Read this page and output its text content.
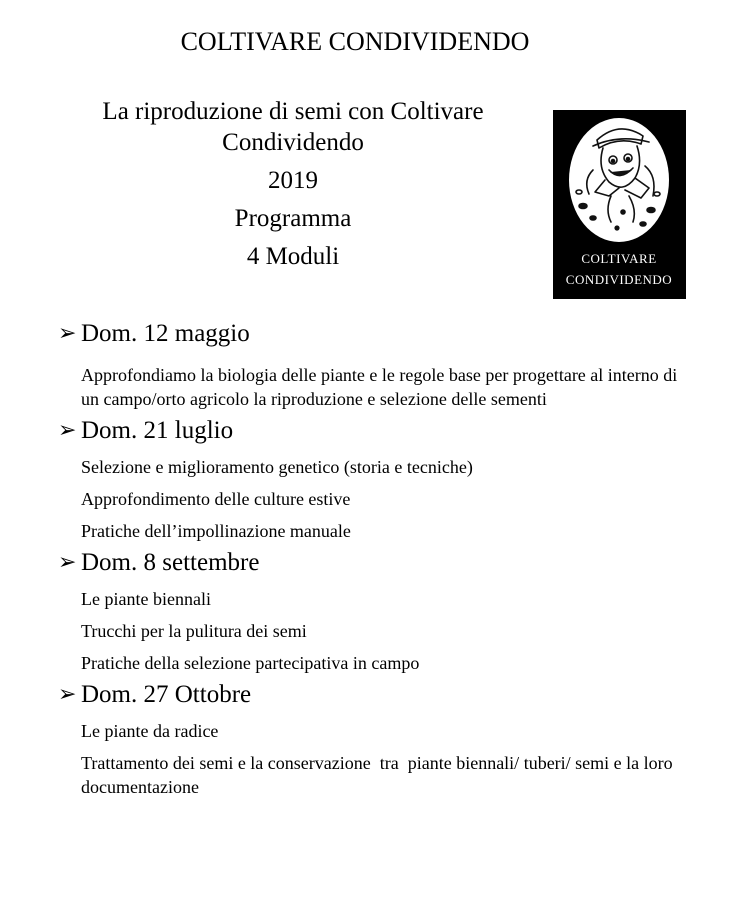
COLTIVARE CONDIVIDENDO
La riproduzione di semi con Coltivare
Condividendo
2019
Programma
4 Moduli	COLTIVARE
CONDIVIDENDO
➢ Dom. 12 maggio
Approfondiamo la biologia delle piante e le regole base per progettare al interno di un campo/orto agricolo la riproduzione e selezione delle sementi
➢ Dom. 21 luglio
Selezione e miglioramento genetico (storia e tecniche)
Approfondimento delle culture estive
Pratiche dell’impollinazione manuale
➢ Dom. 8 settembre
Le piante biennali
Trucchi per la pulitura dei semi
Pratiche della selezione partecipativa in campo
➢ Dom. 27 Ottobre
Le piante da radice
Trattamento dei semi e la conservazione  tra  piante biennali/ tuberi/ semi e la loro documentazione
